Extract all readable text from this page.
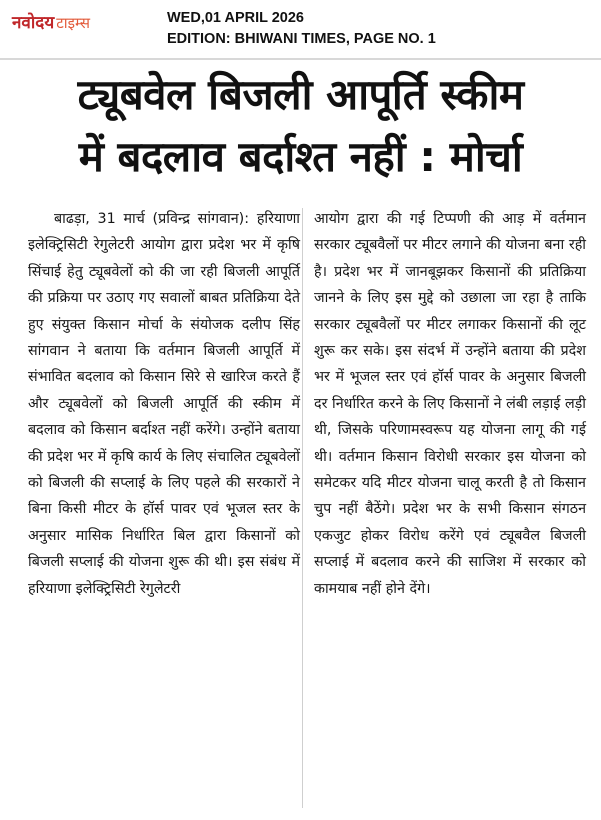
नवोदय टाइम्स	WED,01 APRIL 2026
EDITION: BHIWANI TIMES, PAGE NO. 1
ट्यूबवेल बिजली आपूर्ति स्कीम
में बदलाव बर्दाश्त नहीं : मोर्चा
बाढड़ा, 31 मार्च (प्रविन्द्र सांगवान): हरियाणा इलेक्ट्रिसिटी रेगुलेटरी आयोग द्वारा प्रदेश भर में कृषि सिंचाई हेतु ट्यूबवेलों को की जा रही बिजली आपूर्ति की प्रक्रिया पर उठाए गए सवालों बाबत प्रतिक्रिया देते हुए संयुक्त किसान मोर्चा के संयोजक दलीप सिंह सांगवान ने बताया कि वर्तमान बिजली आपूर्ति में संभावित बदलाव को किसान सिरे से खारिज करते हैं और ट्यूबवेलों को बिजली आपूर्ति की स्कीम में बदलाव को किसान बर्दाश्त नहीं करेंगे। उन्होंने बताया की प्रदेश भर में कृषि कार्य के लिए संचालित ट्यूबवेलों को बिजली की सप्लाई के लिए पहले की सरकारों ने बिना किसी मीटर के हॉर्स पावर एवं भूजल स्तर के अनुसार मासिक निर्धारित बिल द्वारा किसानों को बिजली सप्लाई की योजना शुरू की थी। इस संबंध में हरियाणा इलेक्ट्रिसिटी रेगुलेटरी
आयोग द्वारा की गई टिप्पणी की आड़ में वर्तमान सरकार ट्यूबवैलों पर मीटर लगाने की योजना बना रही है। प्रदेश भर में जानबूझकर किसानों की प्रतिक्रिया जानने के लिए इस मुद्दे को उछाला जा रहा है ताकि सरकार ट्यूबवैलों पर मीटर लगाकर किसानों की लूट शुरू कर सके। इस संदर्भ में उन्होंने बताया की प्रदेश भर में भूजल स्तर एवं हॉर्स पावर के अनुसार बिजली दर निर्धारित करने के लिए किसानों ने लंबी लड़ाई लड़ी थी, जिसके परिणामस्वरूप यह योजना लागू की गई थी। वर्तमान किसान विरोधी सरकार इस योजना को समेटकर यदि मीटर योजना चालू करती है तो किसान चुप नहीं बैठेंगे। प्रदेश भर के सभी किसान संगठन एकजुट होकर विरोध करेंगे एवं ट्यूबवैल बिजली सप्लाई में बदलाव करने की साजिश में सरकार को कामयाब नहीं होने देंगे।
